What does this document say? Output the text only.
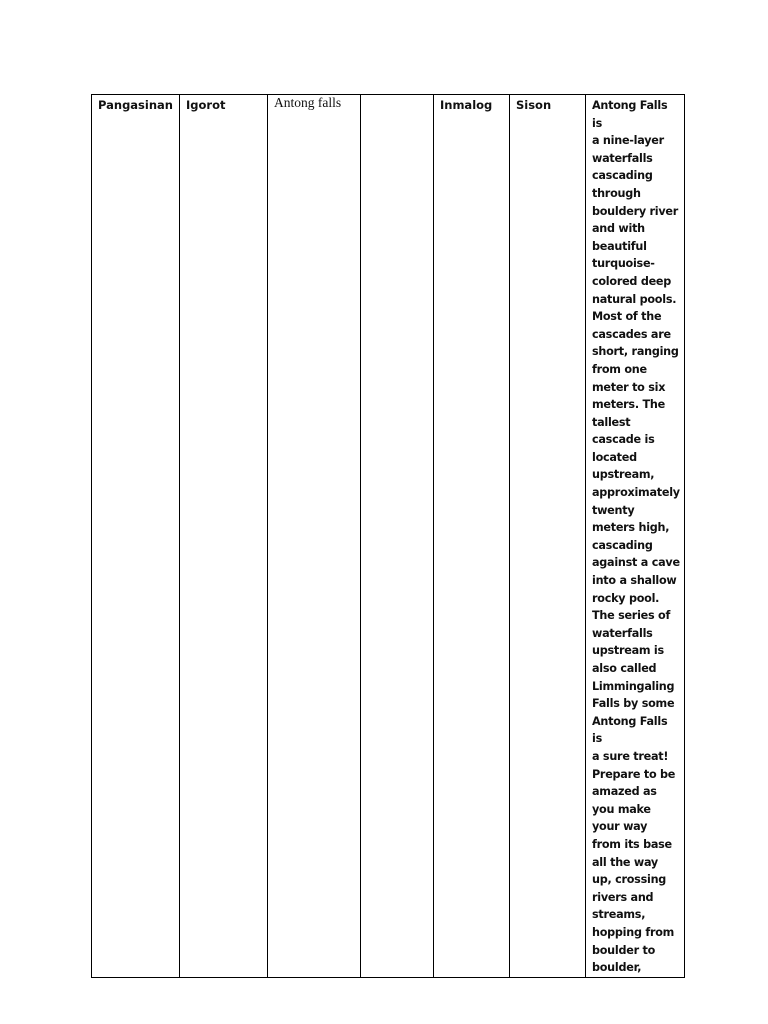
Pangasinan	Igorot	Antong falls		Inmalog	Sison	Antong Falls is
a nine-layer
waterfalls
cascading
through
bouldery river
and with
beautiful
turquoise-
colored deep
natural pools.
Most of the
cascades are
short, ranging
from one
meter to six
meters. The
tallest
cascade is
located
upstream,
approximately
twenty
meters high,
cascading
against a cave
into a shallow
rocky pool.
The series of
waterfalls
upstream is
also called
Limmingaling
Falls by some
Antong Falls is
a sure treat!
Prepare to be
amazed as
you make
your way
from its base
all the way
up, crossing
rivers and
streams,
hopping from
boulder to
boulder,
